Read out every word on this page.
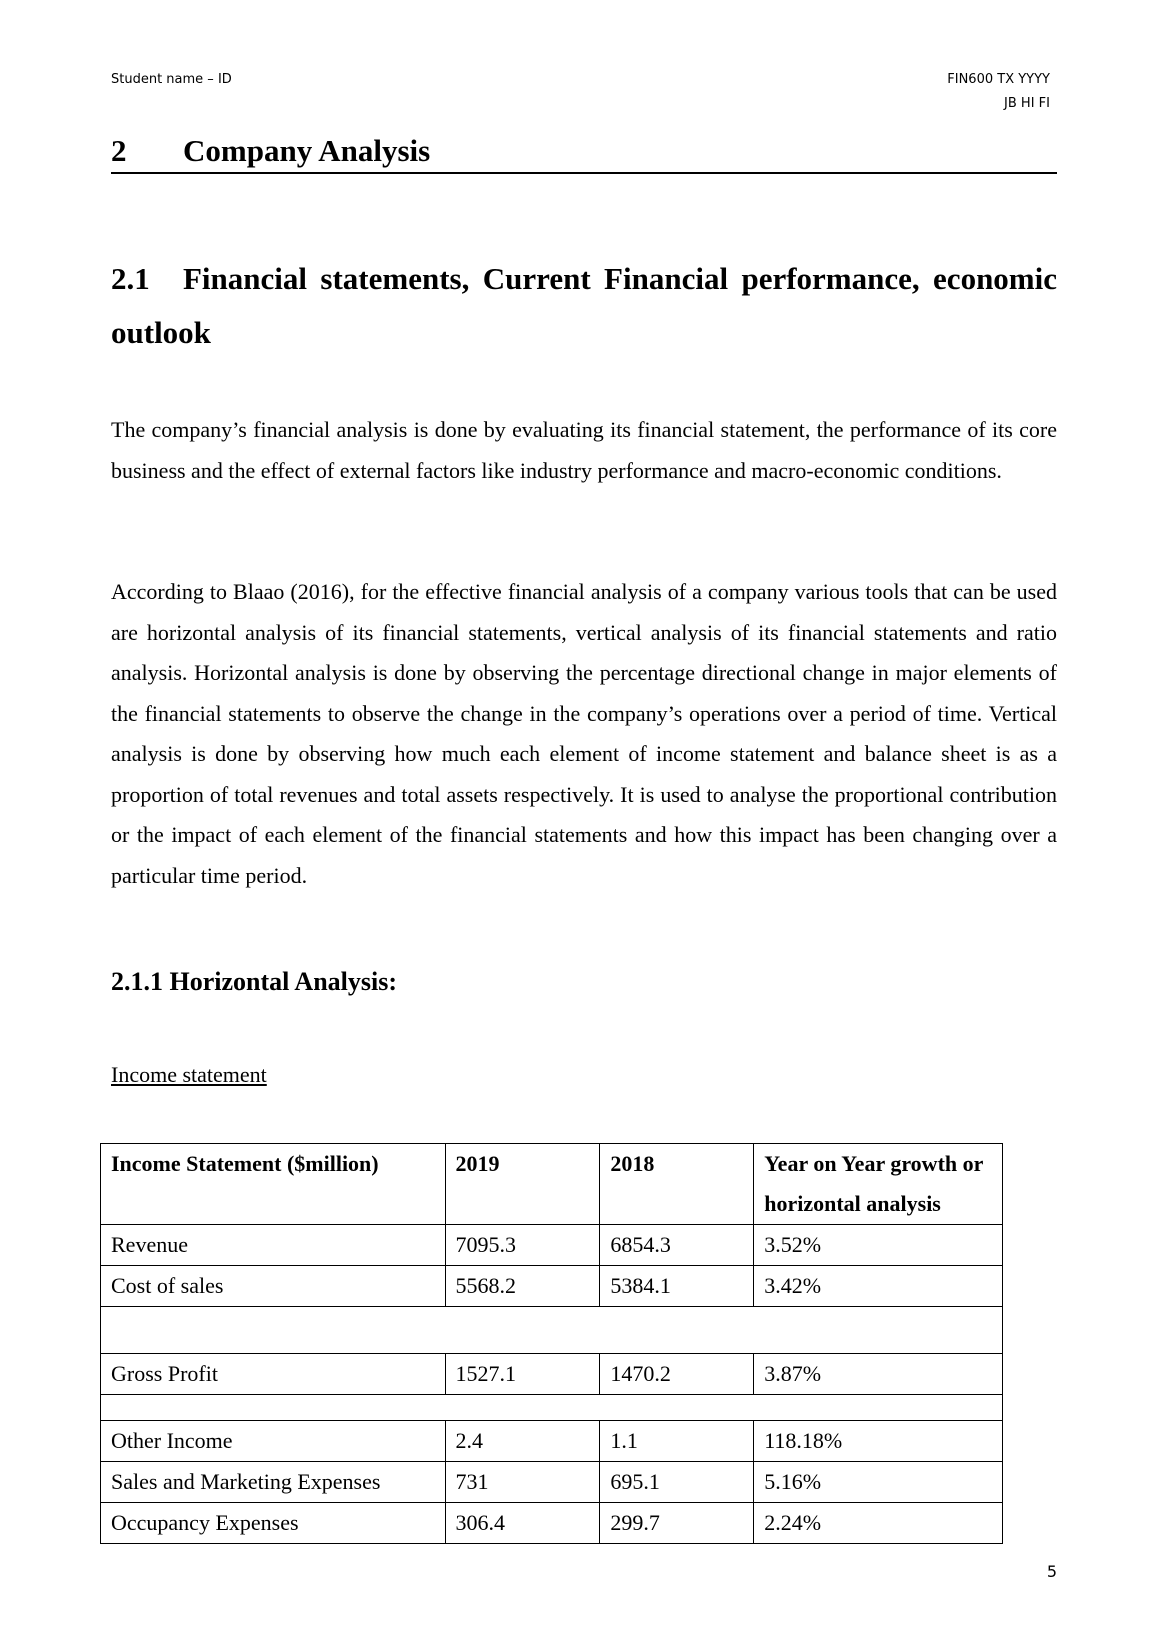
Student name – ID	FIN600 TX YYYY
JB HI FI
2 Company Analysis
2.1 Financial statements, Current Financial performance, economic outlook

The company’s financial analysis is done by evaluating its financial statement, the performance of its core business and the effect of external factors like industry performance and macro-economic conditions.

According to Blaao (2016), for the effective financial analysis of a company various tools that can be used are horizontal analysis of its financial statements, vertical analysis of its financial statements and ratio analysis. Horizontal analysis is done by observing the percentage directional change in major elements of the financial statements to observe the change in the company’s operations over a period of time. Vertical analysis is done by observing how much each element of income statement and balance sheet is as a proportion of total revenues and total assets respectively. It is used to analyse the proportional contribution or the impact of each element of the financial statements and how this impact has been changing over a particular time period.

2.1.1 Horizontal Analysis:
Income statement
Income Statement ($million)	2019	2018	Year on Year growth or horizontal analysis
Revenue	7095.3	6854.3	3.52%
Cost of sales	5568.2	5384.1	3.42%

Gross Profit	1527.1	1470.2	3.87%

Other Income	2.4	1.1	118.18%
Sales and Marketing Expenses	731	695.1	5.16%
Occupancy Expenses	306.4	299.7	2.24%
5
